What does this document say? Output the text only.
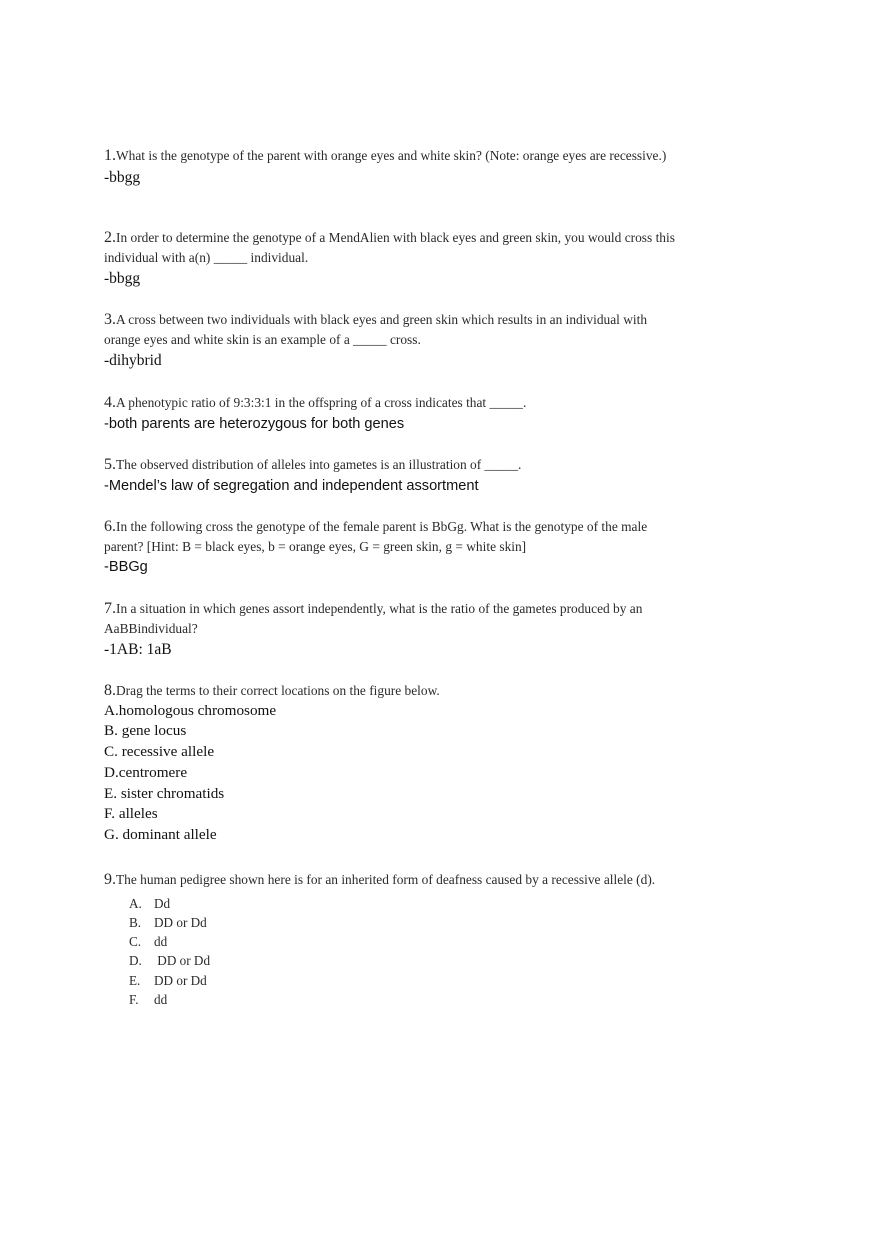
1.What is the genotype of the parent with orange eyes and white skin? (Note: orange eyes are recessive.)

-bbgg

2.In order to determine the genotype of a MendAlien with black eyes and green skin, you would cross this individual with a(n) _____ individual.

-bbgg

3.A cross between two individuals with black eyes and green skin which results in an individual with orange eyes and white skin is an example of a _____ cross.

-dihybrid

4.A phenotypic ratio of 9:3:3:1 in the offspring of a cross indicates that _____.

-both parents are heterozygous for both genes

5.The observed distribution of alleles into gametes is an illustration of _____.

-Mendel’s law of segregation and independent assortment

6.In the following cross the genotype of the female parent is BbGg. What is the genotype of the male parent? [Hint: B = black eyes, b = orange eyes, G = green skin, g = white skin]

-BBGg

7.In a situation in which genes assort independently, what is the ratio of the gametes produced by an AaBBindividual?

-1AB: 1aB

8.Drag the terms to their correct locations on the figure below.

A.homologous chromosome

B. gene locus

C. recessive allele

D.centromere

E. sister chromatids

F. alleles

G. dominant allele

9.The human pedigree shown here is for an inherited form of deafness caused by a recessive allele (d).

A. Dd
B. DD or Dd
C. dd
D. DD or Dd
E. DD or Dd
F. dd
